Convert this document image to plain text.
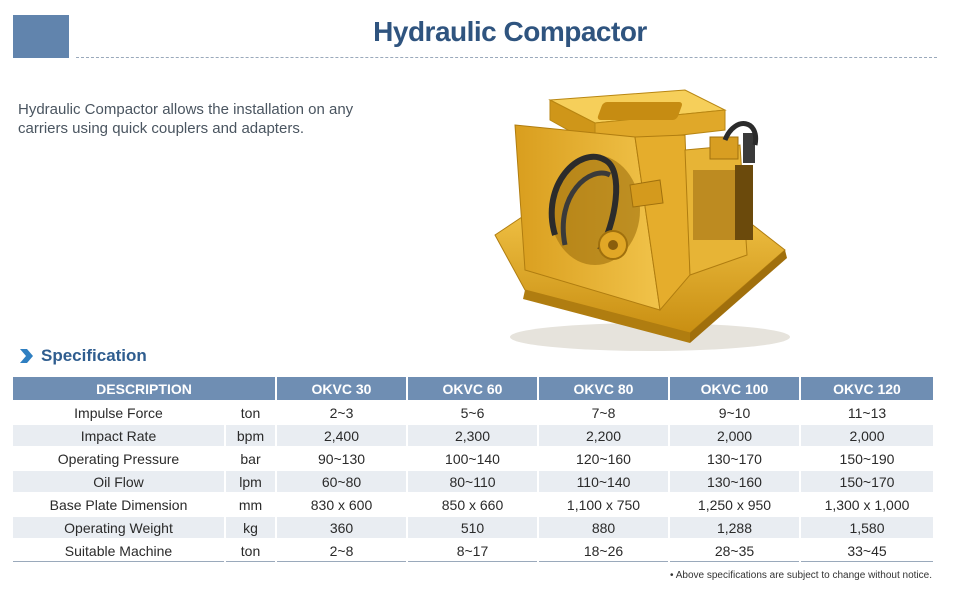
Hydraulic Compactor
Hydraulic Compactor allows the installation on any carriers using quick couplers and adapters.
Specification
DESCRIPTION		OKVC 30	OKVC 60	OKVC 80	OKVC 100	OKVC 120
Impulse Force	ton	2~3	5~6	7~8	9~10	11~13
Impact Rate	bpm	2,400	2,300	2,200	2,000	2,000
Operating Pressure	bar	90~130	100~140	120~160	130~170	150~190
Oil Flow	lpm	60~80	80~110	110~140	130~160	150~170
Base Plate Dimension	mm	830 x 600	850 x 660	1,100 x 750	1,250 x 950	1,300 x 1,000
Operating Weight	kg	360	510	880	1,288	1,580
Suitable Machine	ton	2~8	8~17	18~26	28~35	33~45
• Above specifications are subject to change without notice.
